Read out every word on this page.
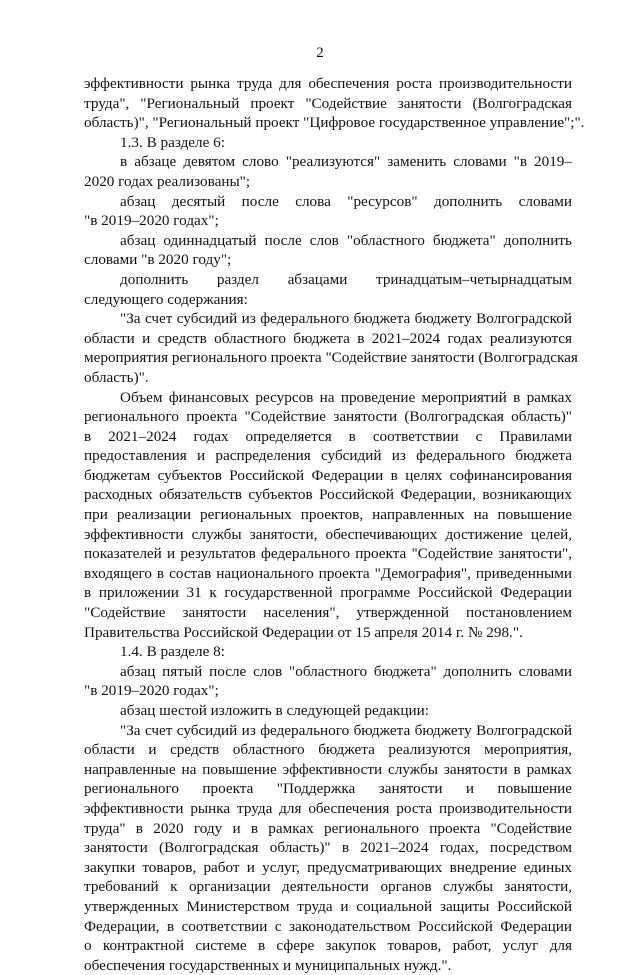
2
эффективности рынка труда для обеспечения роста производительности
труда", "Региональный проект "Содействие занятости (Волгоградская
область)", "Региональный проект "Цифровое государственное управление";".
1.3. В разделе 6:
в абзаце девятом слово "реализуются" заменить словами "в 2019–
2020 годах реализованы";
абзац десятый после слова "ресурсов" дополнить словами
"в 2019–2020 годах";
абзац одиннадцатый после слов "областного бюджета" дополнить
словами "в 2020 году";
дополнить раздел абзацами тринадцатым–четырнадцатым
следующего содержания:
"За счет субсидий из федерального бюджета бюджету Волгоградской
области и средств областного бюджета в 2021–2024 годах реализуются
мероприятия регионального проекта "Содействие занятости (Волгоградская
область)".
Объем финансовых ресурсов на проведение мероприятий в рамках
регионального проекта "Содействие занятости (Волгоградская область)"
в 2021–2024 годах определяется в соответствии с Правилами
предоставления и распределения субсидий из федерального бюджета
бюджетам субъектов Российской Федерации в целях софинансирования
расходных обязательств субъектов Российской Федерации, возникающих
при реализации региональных проектов, направленных на повышение
эффективности службы занятости, обеспечивающих достижение целей,
показателей и результатов федерального проекта "Содействие занятости",
входящего в состав национального проекта "Демография", приведенными
в приложении 31 к государственной программе Российской Федерации
"Содействие занятости населения", утвержденной постановлением
Правительства Российской Федерации от 15 апреля 2014 г. № 298.".
1.4. В разделе 8:
абзац пятый после слов "областного бюджета" дополнить словами
"в 2019–2020 годах";
абзац шестой изложить в следующей редакции:
"За счет субсидий из федерального бюджета бюджету Волгоградской
области и средств областного бюджета реализуются мероприятия,
направленные на повышение эффективности службы занятости в рамках
регионального проекта "Поддержка занятости и повышение
эффективности рынка труда для обеспечения роста производительности
труда" в 2020 году и в рамках регионального проекта "Содействие
занятости (Волгоградская область)" в 2021–2024 годах, посредством
закупки товаров, работ и услуг, предусматривающих внедрение единых
требований к организации деятельности органов службы занятости,
утвержденных Министерством труда и социальной защиты Российской
Федерации, в соответствии с законодательством Российской Федерации
о контрактной системе в сфере закупок товаров, работ, услуг для
обеспечения государственных и муниципальных нужд.".
